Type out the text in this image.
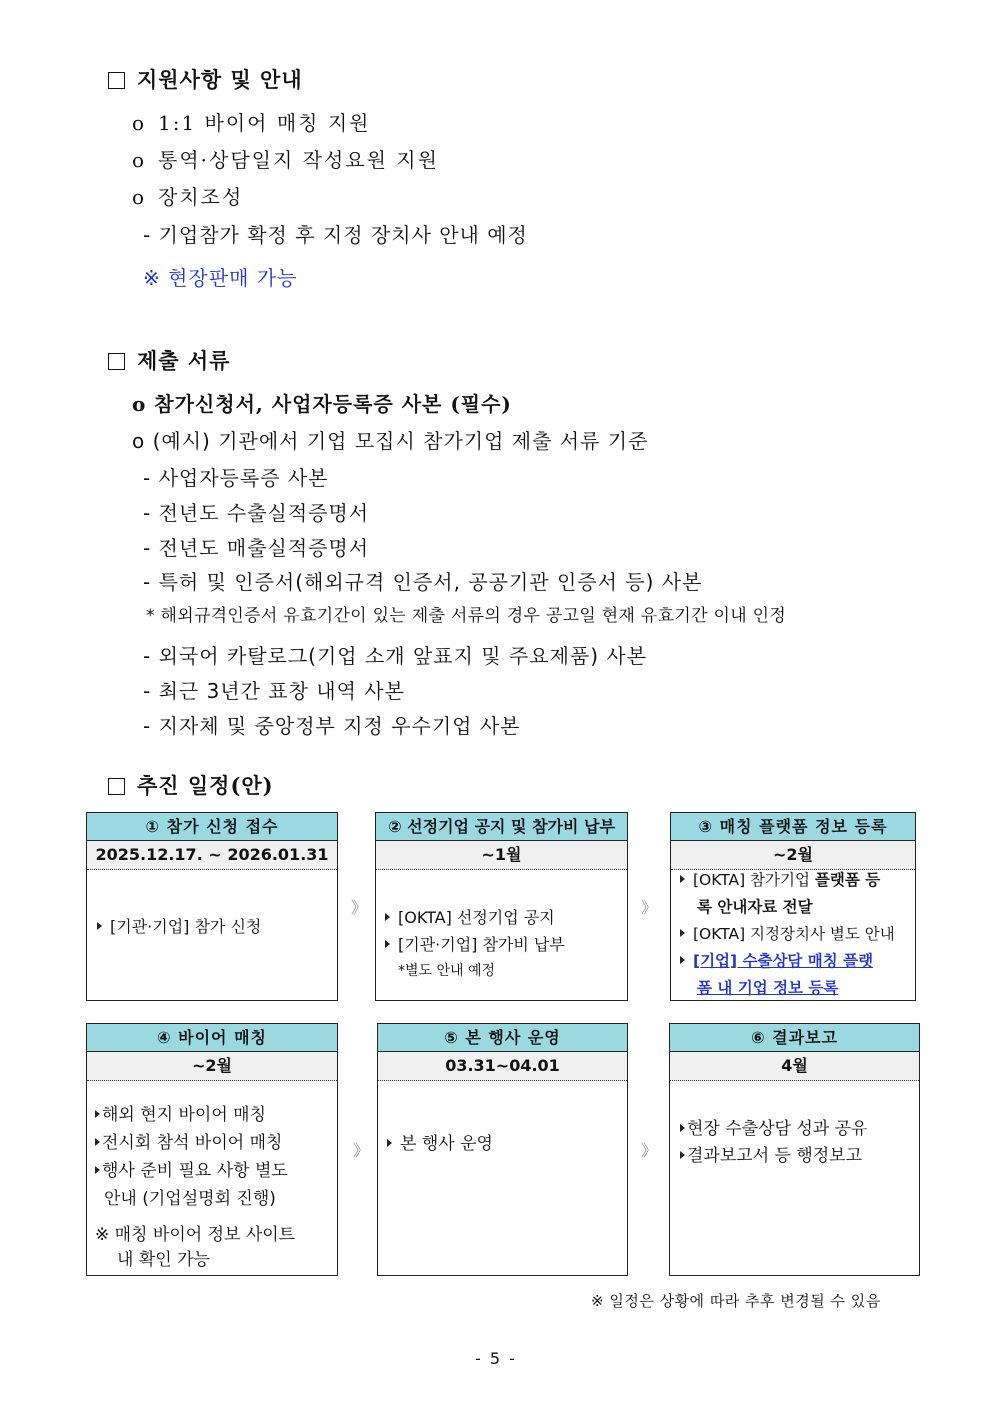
지원사항 및 안내
o 1:1 바이어 매칭 지원
o 통역·상담일지 작성요원 지원
o 장치조성
- 기업참가 확정 후 지정 장치사 안내 예정
※ 현장판매 가능
제출 서류
o 참가신청서, 사업자등록증 사본 (필수)
o (예시) 기관에서 기업 모집시 참가기업 제출 서류 기준
- 사업자등록증 사본
- 전년도 수출실적증명서
- 전년도 매출실적증명서
- 특허 및 인증서(해외규격 인증서, 공공기관 인증서 등) 사본
* 해외규격인증서 유효기간이 있는 제출 서류의 경우 공고일 현재 유효기간 이내 인정
- 외국어 카탈로그(기업 소개 앞표지 및 주요제품) 사본
- 최근 3년간 표창 내역 사본
- 지자체 및 중앙정부 지정 우수기업 사본
추진 일정(안)
① 참가 신청 접수
2025.12.17. ~ 2026.01.31
[기관·기업] 참가 신청
》
② 선정기업 공지 및 참가비 납부
~1월
[OKTA] 선정기업 공지
[기관·기업] 참가비 납부
*별도 안내 예정
》
③ 매칭 플랫폼 정보 등록
~2월
[OKTA] 참가기업 플랫폼 등
록 안내자료 전달
[OKTA] 지정장치사 별도 안내
[기업] 수출상담 매칭 플랫
폼 내 기업 정보 등록
④ 바이어 매칭
~2월
해외 현지 바이어 매칭
전시회 참석 바이어 매칭
행사 준비 필요 사항 별도
안내 (기업설명회 진행)
※ 매칭 바이어 정보 사이트
내 확인 가능
》
⑤ 본 행사 운영
03.31~04.01
본 행사 운영	》
⑥ 결과보고
4월
현장 수출상담 성과 공유
결과보고서 등 행정보고
※ 일정은 상황에 따라 추후 변경될 수 있음
- 5 -
